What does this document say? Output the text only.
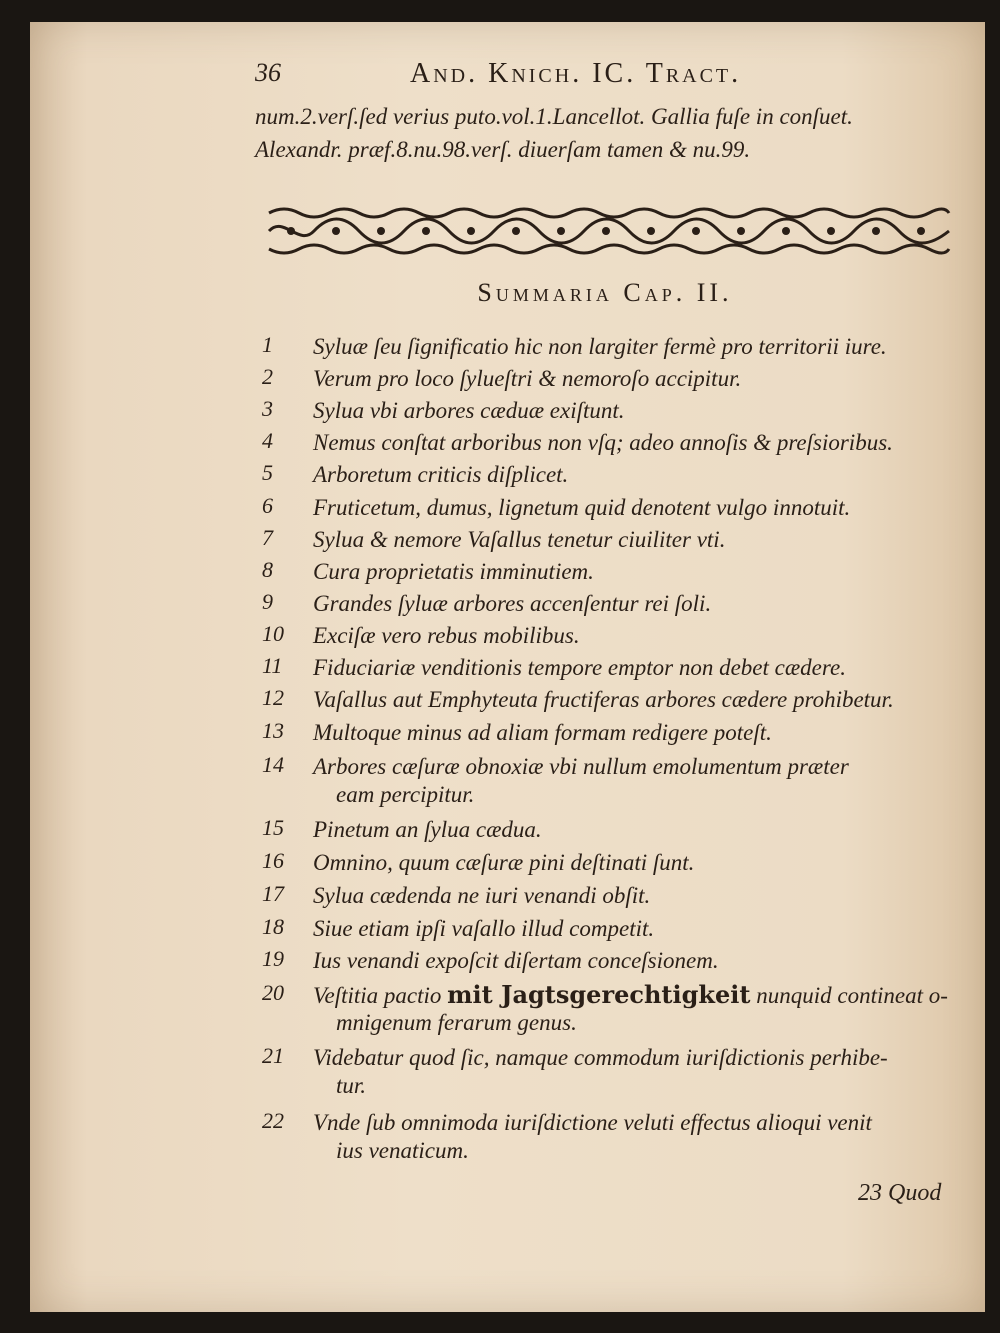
36	And. Knich. IC. Tract.
num.2.verſ.ſed verius puto.vol.1.Lancellot. Gallia fuſe in conſuet.
Alexandr. præf.8.nu.98.verſ. diuerſam tamen & nu.99.
Summaria Cap. II.
1	Syluæ ſeu ſignificatio hic non largiter fermè pro territorii iure.
2	Verum pro loco ſylueſtri & nemoroſo accipitur.
3	Sylua vbi arbores cæduæ exiſtunt.
4	Nemus conſtat arboribus non vſq; adeo annoſis & preſsioribus.
5	Arboretum criticis diſplicet.
6	Fruticetum, dumus, lignetum quid denotent vulgo innotuit.
7	Sylua & nemore Vaſallus tenetur ciuiliter vti.
8	Cura proprietatis imminutiem.
9	Grandes ſyluæ arbores accenſentur rei ſoli.
10	Exciſæ vero rebus mobilibus.
11	Fiduciariæ venditionis tempore emptor non debet cædere.
12	Vaſallus aut Emphyteuta fructiferas arbores cædere prohibetur.
13	Multoque minus ad aliam formam redigere poteſt.
14	Arbores cæſuræ obnoxiæ vbi nullum emolumentum præter
eam percipitur.
15	Pinetum an ſylua cædua.
16	Omnino, quum cæſuræ pini deſtinati ſunt.
17	Sylua cædenda ne iuri venandi obſit.
18	Siue etiam ipſi vaſallo illud competit.
19	Ius venandi expoſcit diſertam conceſsionem.
20	Veſtitia pactio mit Jagtsgerechtigkeit nunquid contineat o-
mnigenum ferarum genus.
21	Videbatur quod ſic, namque commodum iuriſdictionis perhibe-
tur.
22	Vnde ſub omnimoda iuriſdictione veluti effectus alioqui venit
ius venaticum.
23 Quod
